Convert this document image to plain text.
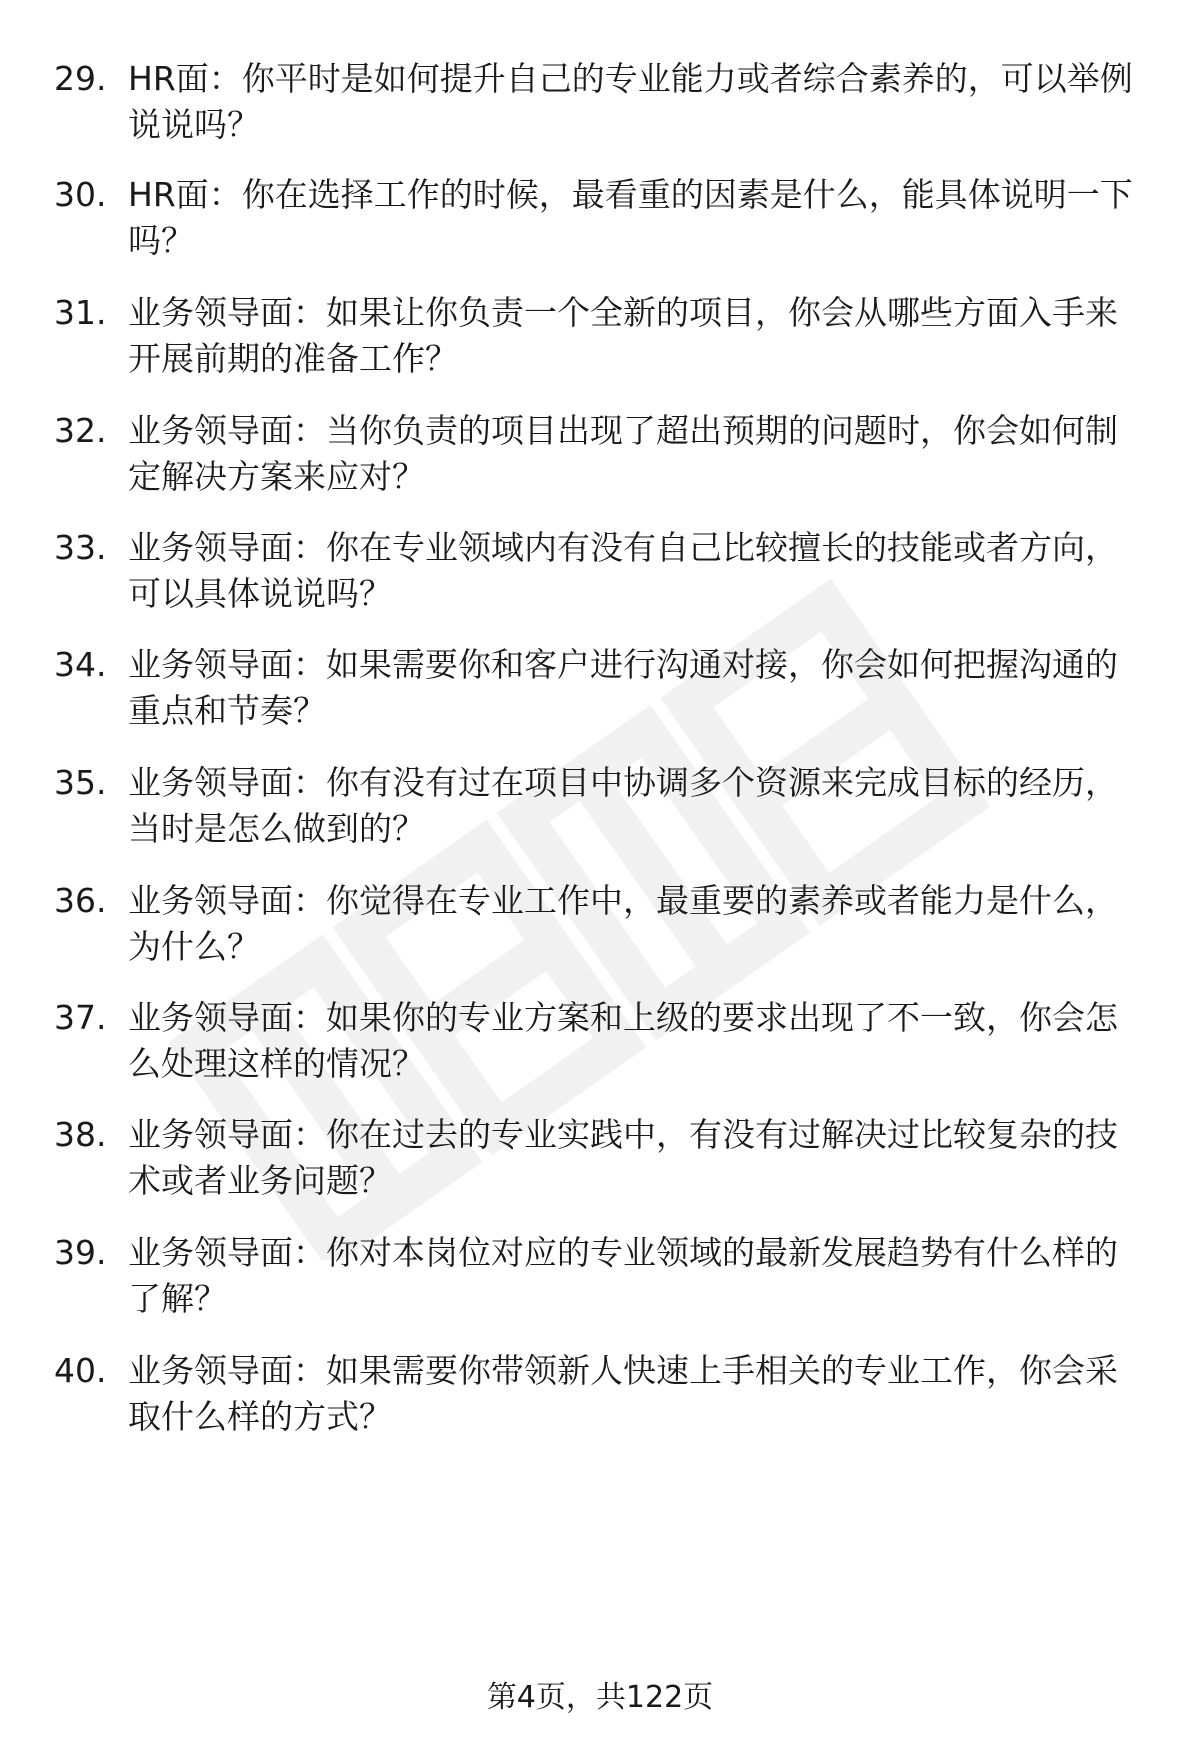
29. HR面：你平时是如何提升自己的专业能力或者综合素养的，可以举例说说吗？
30. HR面：你在选择工作的时候，最看重的因素是什么，能具体说明一下吗？
31. 业务领导面：如果让你负责一个全新的项目，你会从哪些方面入手来开展前期的准备工作？
32. 业务领导面：当你负责的项目出现了超出预期的问题时，你会如何制定解决方案来应对？
33. 业务领导面：你在专业领域内有没有自己比较擅长的技能或者方向，可以具体说说吗？
34. 业务领导面：如果需要你和客户进行沟通对接，你会如何把握沟通的重点和节奏？
35. 业务领导面：你有没有过在项目中协调多个资源来完成目标的经历，当时是怎么做到的？
36. 业务领导面：你觉得在专业工作中，最重要的素养或者能力是什么，为什么？
37. 业务领导面：如果你的专业方案和上级的要求出现了不一致，你会怎么处理这样的情况？
38. 业务领导面：你在过去的专业实践中，有没有过解决过比较复杂的技术或者业务问题？
39. 业务领导面：你对本岗位对应的专业领域的最新发展趋势有什么样的了解？
40. 业务领导面：如果需要你带领新人快速上手相关的专业工作，你会采取什么样的方式？
第4页，共122页
